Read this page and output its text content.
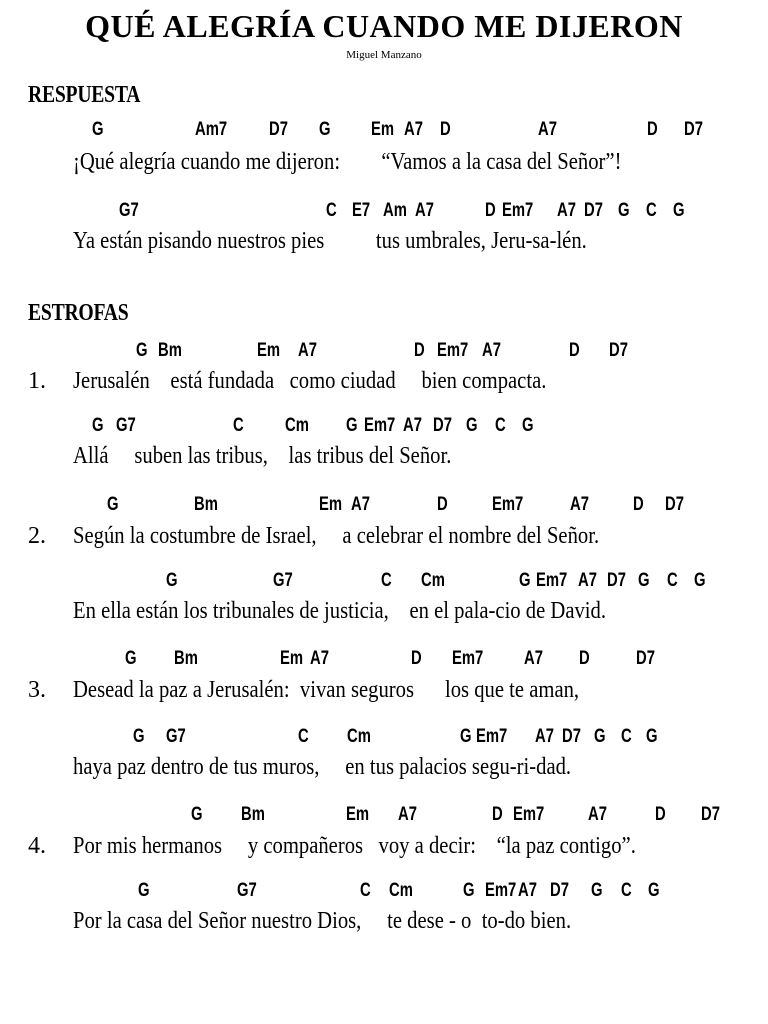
QUÉ ALEGRÍA CUANDO ME DIJERON
Miguel Manzano
RESPUESTA
G	Am7 D7 G Em A7 D	A7	D D7
¡Qué alegría cuando me dijeron:        “Vamos a la casa del Señor”!
G7	C E7 Am A7	D Em7 A7 D7 G C G
Ya están pisando nuestros pies          tus umbrales, Jeru-sa-lén.
ESTROFAS
G Bm	Em A7	D Em7 A7	D D7
1. Jerusalén    está fundada   como ciudad     bien compacta.
G G7	C Cm G Em7 A7 D7 G C G
Allá     suben las tribus,    las tribus del Señor.
G	Bm	Em A7	D Em7 A7 D D7
2. Según la costumbre de Israel,     a celebrar el nombre del Señor.
G	G7	C Cm	G Em7 A7 D7 G C G
En ella están los tribunales de justicia,    en el pala-cio de David.
G Bm	Em A7	D Em7 A7 D D7
3. Desead la paz a Jerusalén:  vivan seguros      los que te aman,
G G7	C Cm	G Em7 A7 D7 G C G
haya paz dentro de tus muros,     en tus palacios segu-ri-dad.
G Bm	Em A7	D Em7 A7	D D7
4. Por mis hermanos     y compañeros   voy a decir:    “la paz contigo”.
G	G7	C Cm	G Em7 A7 D7 G C G
Por la casa del Señor nuestro Dios,     te dese - o  to-do bien.
